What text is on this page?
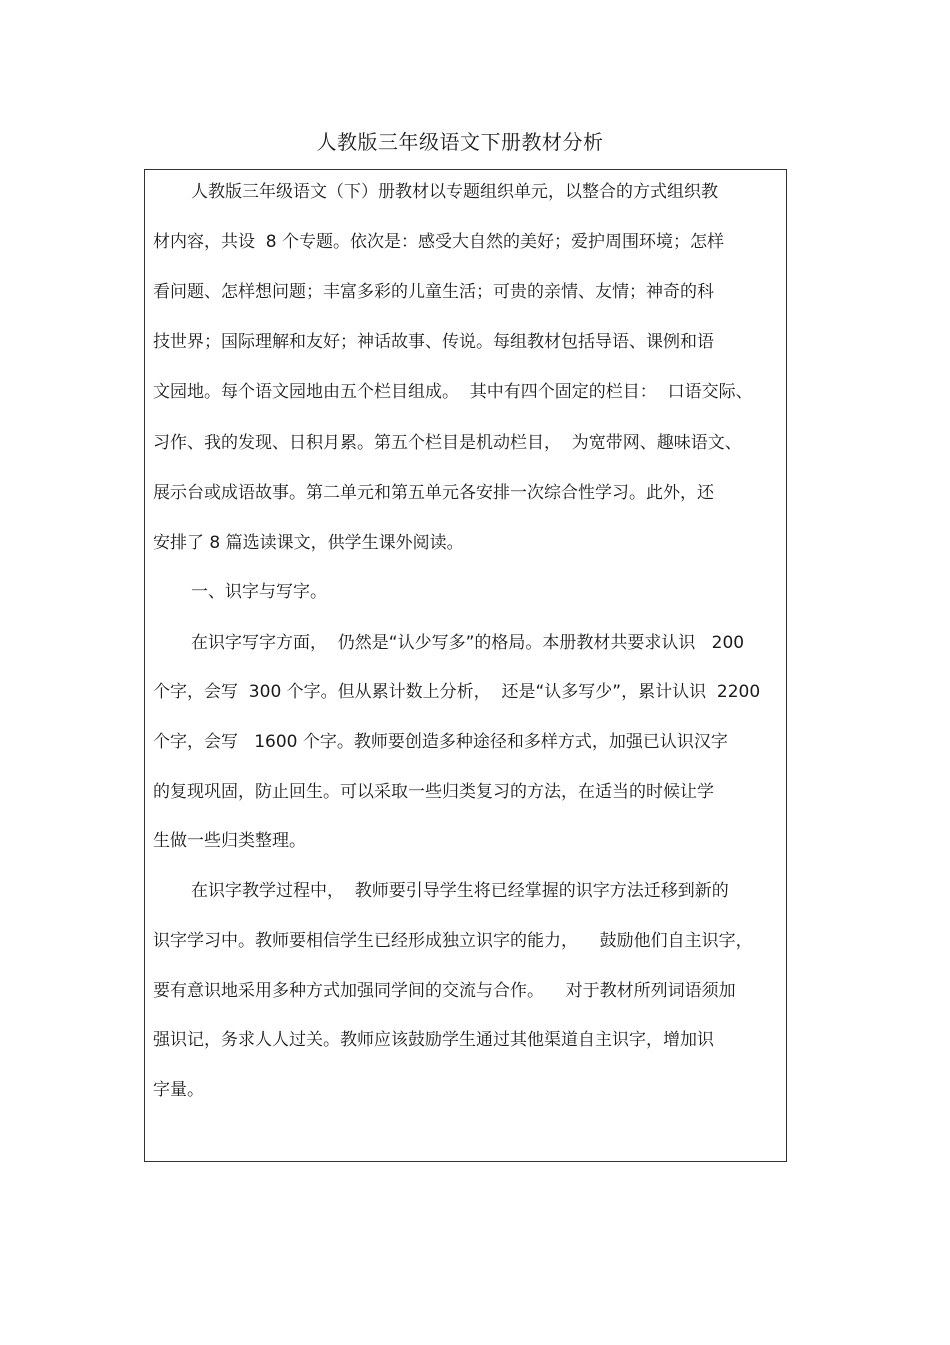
人教版三年级语文下册教材分析
人教版三年级语文（下）册教材以专题组织单元，以整合的方式组织教
材内容，共设  8 个专题。依次是：感受大自然的美好；爱护周围环境；怎样
看问题、怎样想问题；丰富多彩的儿童生活；可贵的亲情、友情；神奇的科
技世界；国际理解和友好；神话故事、传说。每组教材包括导语、课例和语
文园地。每个语文园地由五个栏目组成。  其中有四个固定的栏目：  口语交际、
习作、我的发现、日积月累。第五个栏目是机动栏目，  为宽带网、趣味语文、
展示台或成语故事。第二单元和第五单元各安排一次综合性学习。此外，还
安排了 8 篇选读课文，供学生课外阅读。
一、识字与写字。
在识字写字方面，  仍然是“认少写多”的格局。本册教材共要求认识   200
个字，会写  300 个字。但从累计数上分析，  还是“认多写少”，累计认识  2200
个字，会写   1600 个字。教师要创造多种途径和多样方式，加强已认识汉字
的复现巩固，防止回生。可以采取一些归类复习的方法，在适当的时候让学
生做一些归类整理。
在识字教学过程中，  教师要引导学生将已经掌握的识字方法迁移到新的
识字学习中。教师要相信学生已经形成独立识字的能力，    鼓励他们自主识字，
要有意识地采用多种方式加强同学间的交流与合作。    对于教材所列词语须加
强识记，务求人人过关。教师应该鼓励学生通过其他渠道自主识字，增加识
字量。
